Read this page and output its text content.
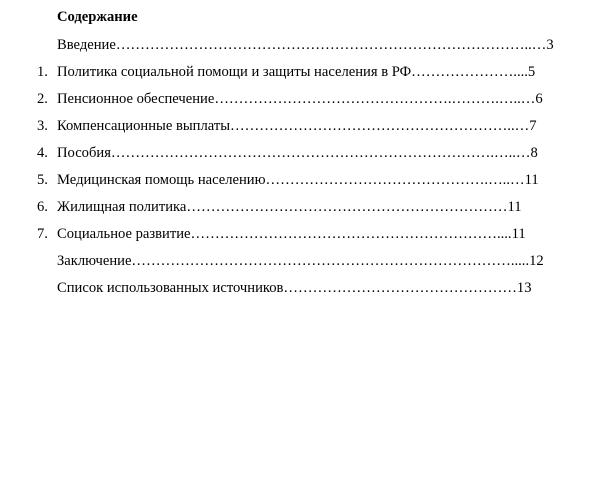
Содержание
Введение…………………………………………………………………………..…3
1. Политика социальной помощи и защиты населения в РФ…………………....5
2. Пенсионное обеспечение………………………………………….……….…..…6
3. Компенсационные выплаты…………………………………………………..…7
4. Пособия…………………………………………………………………….…..…8
5. Медицинская помощь населению……………………………………….…..…11
6. Жилищная политика…………………………………………………………11
7. Социальное развитие………………………………………………………....11
Заключение…………………………………………………………………….....12
Список использованных источников…………………………………………13
